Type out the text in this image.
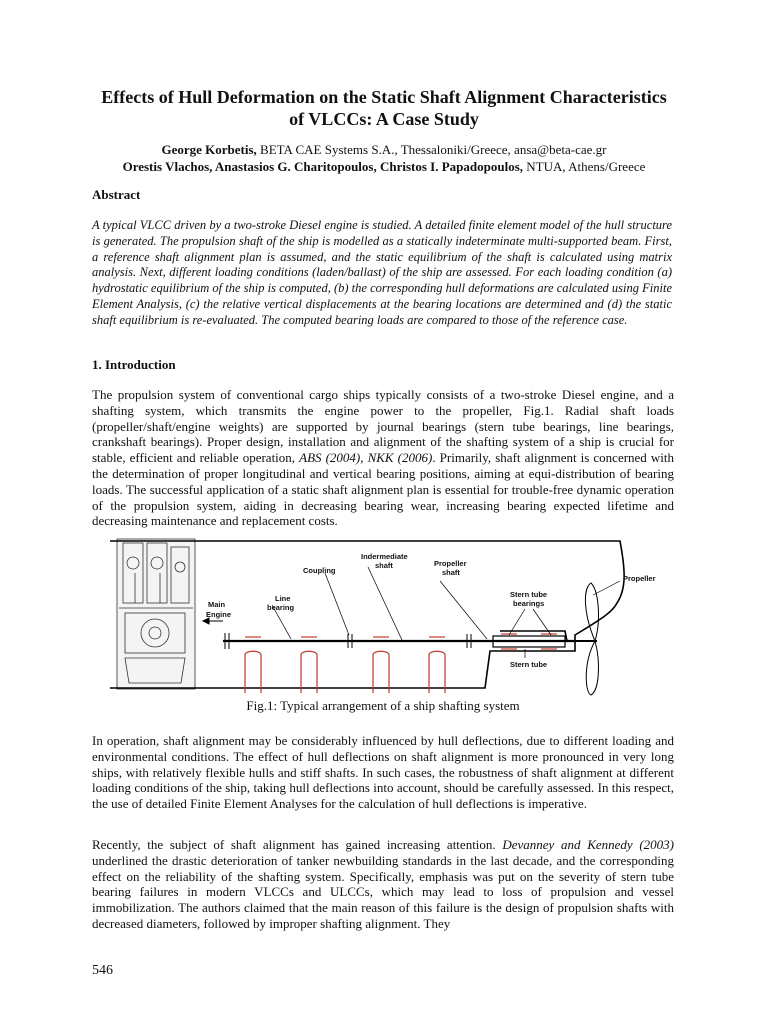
Effects of Hull Deformation on the Static Shaft Alignment Characteristics
of VLCCs: A Case Study
George Korbetis, BETA CAE Systems S.A., Thessaloniki/Greece, ansa@beta-cae.gr
Orestis Vlachos, Anastasios G. Charitopoulos, Christos I. Papadopoulos, NTUA, Athens/Greece
Abstract
A typical VLCC driven by a two-stroke Diesel engine is studied. A detailed finite element model of the hull structure is generated. The propulsion shaft of the ship is modelled as a statically indeterminate multi-supported beam. First, a reference shaft alignment plan is assumed, and the static equilibrium of the shaft is calculated using matrix analysis. Next, different loading conditions (laden/ballast) of the ship are assessed. For each loading condition (a) hydrostatic equilibrium of the ship is computed, (b) the corresponding hull deformations are calculated using Finite Element Analysis, (c) the relative vertical displacements at the bearing locations are determined and (d) the static shaft equilibrium is re-evaluated. The computed bearing loads are compared to those of the reference case.
1. Introduction
The propulsion system of conventional cargo ships typically consists of a two-stroke Diesel engine, and a shafting system, which transmits the engine power to the propeller, Fig.1. Radial shaft loads (propeller/shaft/engine weights) are supported by journal bearings (stern tube bearings, line bearings, crankshaft bearings). Proper design, installation and alignment of the shafting system of a ship is crucial for stable, efficient and reliable operation, ABS (2004), NKK (2006). Primarily, shaft alignment is concerned with the determination of proper longitudinal and vertical bearing positions, aiming at equi-distribution of bearing loads. The successful application of a static shaft alignment plan is essential for trouble-free dynamic operation of the propulsion system, aiding in decreasing bearing wear, increasing bearing expected lifetime and decreasing maintenance and replacement costs.
Main
Engine
Line
bearing
Coupling
Indermediate
shaft	Propeller
shaft
Stern tube
bearings
Stern tube
Propeller
Fig.1: Typical arrangement of a ship shafting system
In operation, shaft alignment may be considerably influenced by hull deflections, due to different loading and environmental conditions. The effect of hull deflections on shaft alignment is more pronounced in very long ships, with relatively flexible hulls and stiff shafts. In such cases, the robustness of shaft alignment at different loading conditions of the ship, taking hull deflections into account, should be carefully assessed. In this respect, the use of detailed Finite Element Analyses for the calculation of hull deflections is imperative.
Recently, the subject of shaft alignment has gained increasing attention. Devanney and Kennedy (2003) underlined the drastic deterioration of tanker newbuilding standards in the last decade, and the corresponding effect on the reliability of the shafting system. Specifically, emphasis was put on the severity of stern tube bearing failures in modern VLCCs and ULCCs, which may lead to loss of propulsion and vessel immobilization. The authors claimed that the main reason of this failure is the design of propulsion shafts with decreased diameters, followed by improper shafting alignment. They
546
